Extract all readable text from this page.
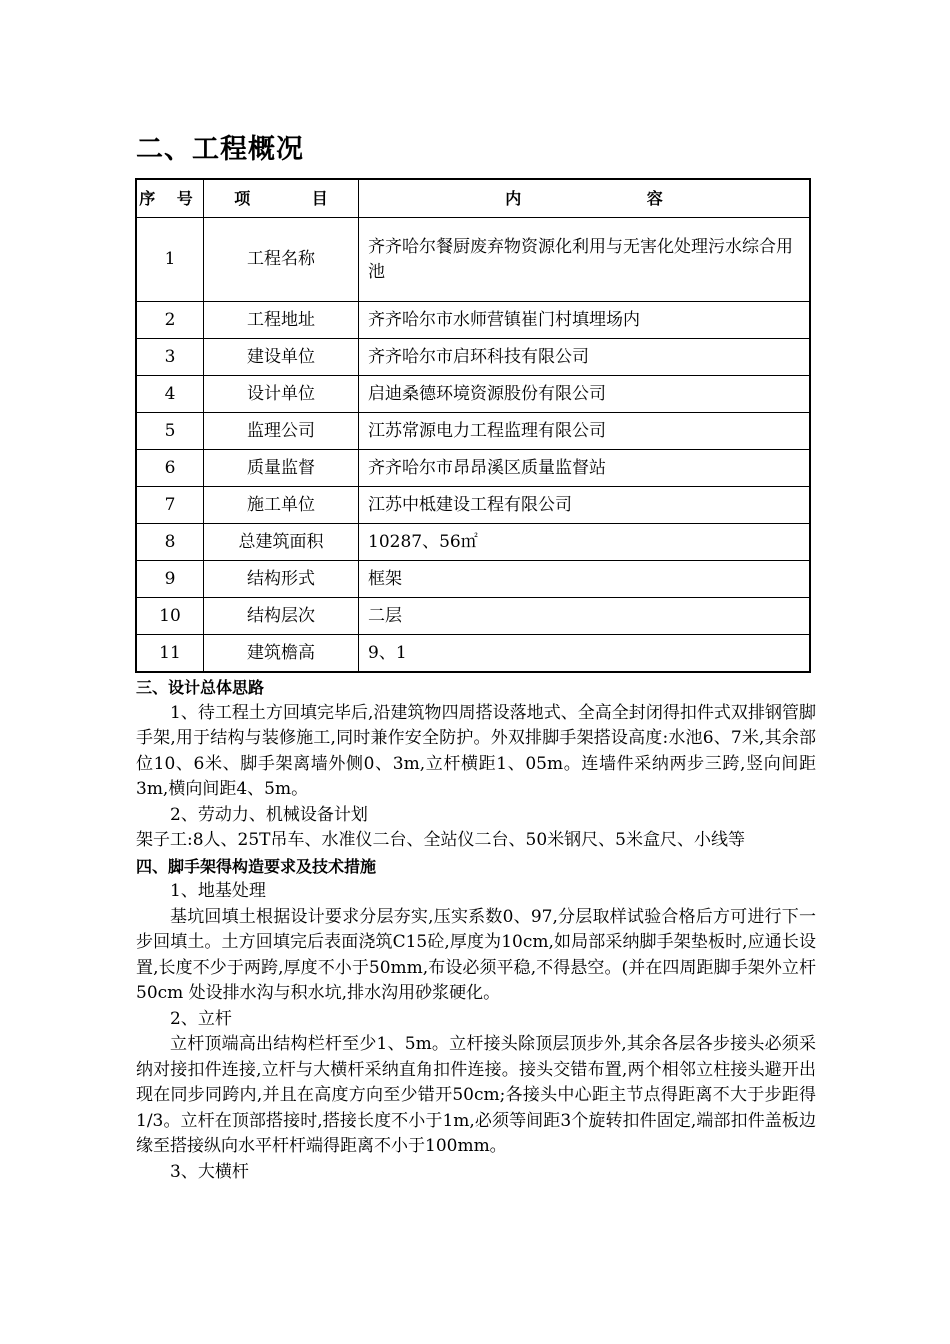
二、工程概况
序 号	项 目	内 容
1	工程名称	齐齐哈尔餐厨废弃物资源化利用与无害化处理污水综合用池
2	工程地址	齐齐哈尔市水师营镇崔门村填埋场内
3	建设单位	齐齐哈尔市启环科技有限公司
4	设计单位	启迪桑德环境资源股份有限公司
5	监理公司	江苏常源电力工程监理有限公司
6	质量监督	齐齐哈尔市昂昂溪区质量监督站
7	施工单位	江苏中柢建设工程有限公司
8	总建筑面积	10287、56㎡
9	结构形式	框架
10	结构层次	二层
11	建筑檐高	9、1

三、设计总体思路

1、待工程土方回填完毕后,沿建筑物四周搭设落地式、全高全封闭得扣件式双排钢管脚手架,用于结构与装修施工,同时兼作安全防护。外双排脚手架搭设高度:水池6、7米,其余部位10、6米、脚手架离墙外侧0、3m,立杆横距1、05m。连墙件采纳两步三跨,竖向间距3m,横向间距4、5m。

2、劳动力、机械设备计划

架子工:8人、25T吊车、水准仪二台、全站仪二台、50米钢尺、5米盒尺、小线等

四、脚手架得构造要求及技术措施

1、地基处理

基坑回填土根据设计要求分层夯实,压实系数0、97,分层取样试验合格后方可进行下一步回填土。土方回填完后表面浇筑C15砼,厚度为10cm,如局部采纳脚手架垫板时,应通长设置,长度不少于两跨,厚度不小于50mm,布设必须平稳,不得悬空。(并在四周距脚手架外立杆50cm 处设排水沟与积水坑,排水沟用砂浆硬化。

2、立杆

立杆顶端高出结构栏杆至少1、5m。立杆接头除顶层顶步外,其余各层各步接头必须采纳对接扣件连接,立杆与大横杆采纳直角扣件连接。接头交错布置,两个相邻立柱接头避开出现在同步同跨内,并且在高度方向至少错开50cm;各接头中心距主节点得距离不大于步距得1/3。立杆在顶部搭接时,搭接长度不小于1m,必须等间距3个旋转扣件固定,端部扣件盖板边缘至搭接纵向水平杆杆端得距离不小于100mm。

3、大横杆
